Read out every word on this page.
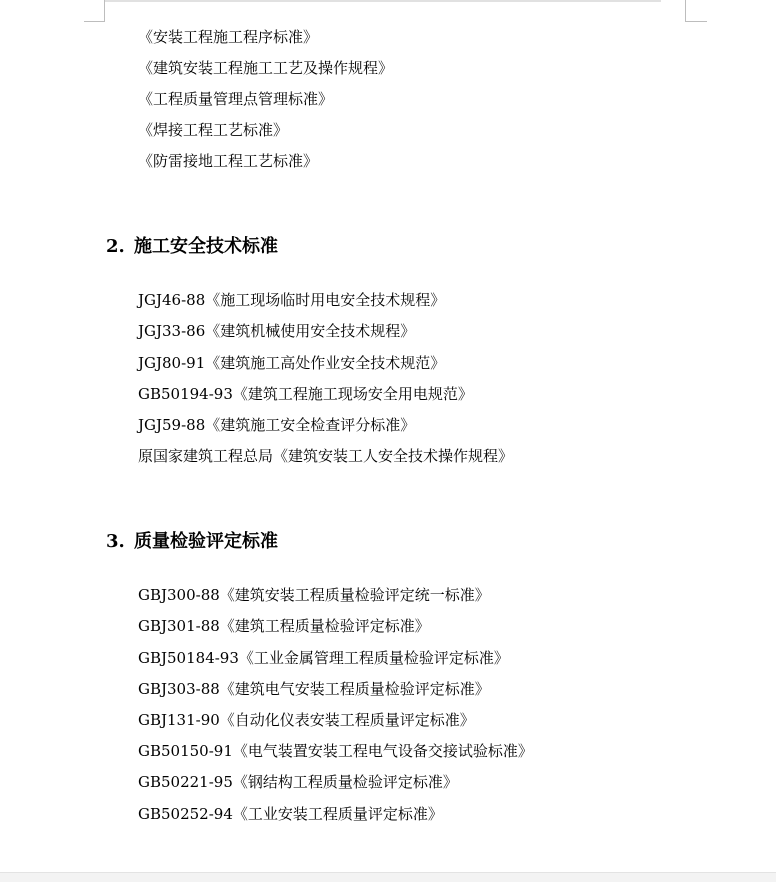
《安装工程施工程序标准》
《建筑安装工程施工工艺及操作规程》
《工程质量管理点管理标准》
《焊接工程工艺标准》
《防雷接地工程工艺标准》
2. 施工安全技术标准
JGJ46-88《施工现场临时用电安全技术规程》
JGJ33-86《建筑机械使用安全技术规程》
JGJ80-91《建筑施工高处作业安全技术规范》
GB50194-93《建筑工程施工现场安全用电规范》
JGJ59-88《建筑施工安全检查评分标准》
原国家建筑工程总局《建筑安装工人安全技术操作规程》
3. 质量检验评定标准
GBJ300-88《建筑安装工程质量检验评定统一标准》
GBJ301-88《建筑工程质量检验评定标准》
GBJ50184-93《工业金属管理工程质量检验评定标准》
GBJ303-88《建筑电气安装工程质量检验评定标准》
GBJ131-90《自动化仪表安装工程质量评定标准》
GB50150-91《电气装置安装工程电气设备交接试验标准》
GB50221-95《钢结构工程质量检验评定标准》
GB50252-94《工业安装工程质量评定标准》
